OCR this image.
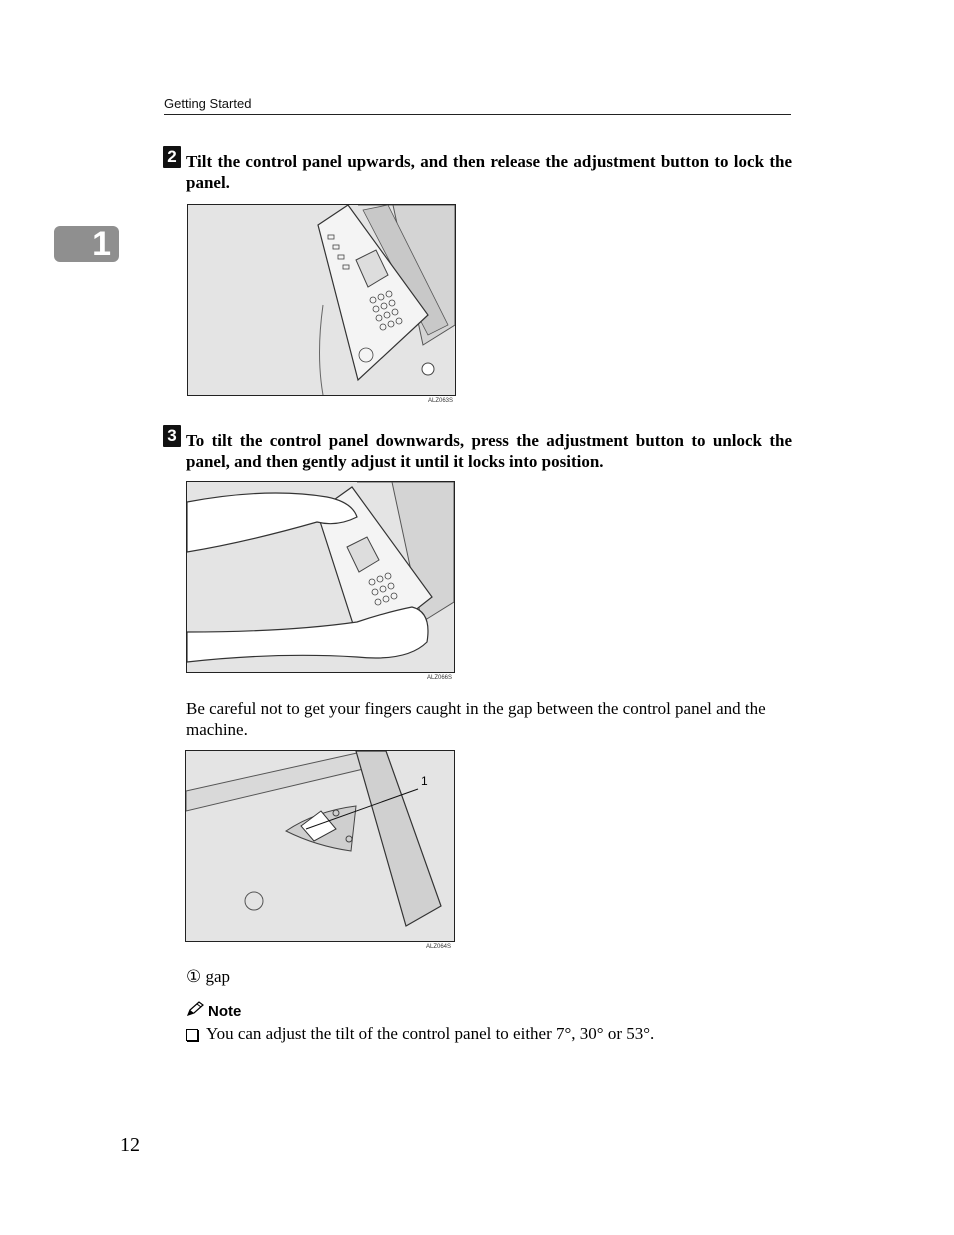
Getting Started
1
2 Tilt the control panel upwards, and then release the adjustment button to lock the panel.
ALZ063S
3 To tilt the control panel downwards, press the adjustment button to unlock the panel, and then gently adjust it until it locks into position.
ALZ066S
Be careful not to get your fingers caught in the gap between the control panel and the machine.
1
ALZ064S
① gap
Note
You can adjust the tilt of the control panel to either 7°, 30° or 53°.
12
